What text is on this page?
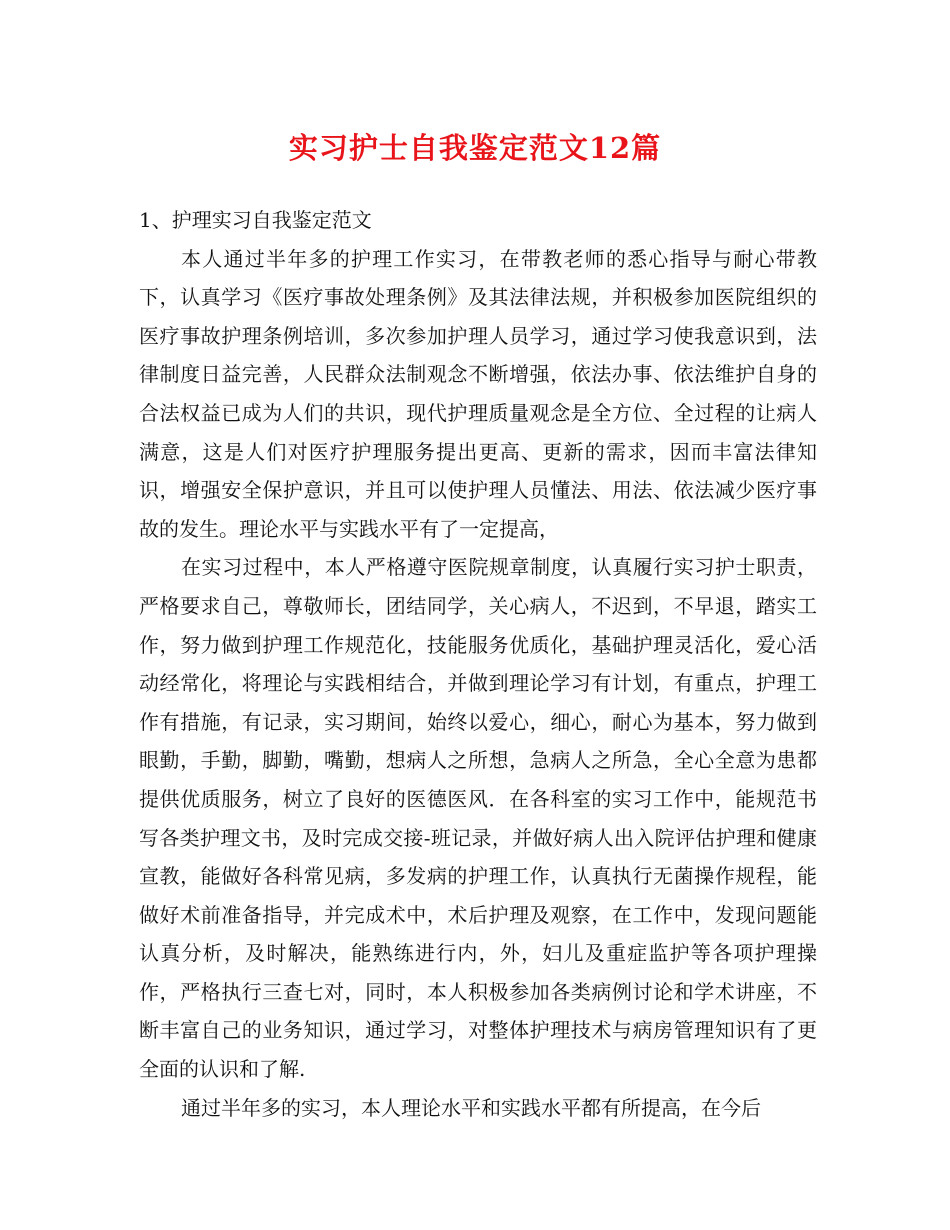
实习护士自我鉴定范文12篇

1、护理实习自我鉴定范文

本人通过半年多的护理工作实习，在带教老师的悉心指导与耐心带教下，认真学习《医疗事故处理条例》及其法律法规，并积极参加医院组织的医疗事故护理条例培训，多次参加护理人员学习，通过学习使我意识到，法律制度日益完善，人民群众法制观念不断增强，依法办事、依法维护自身的合法权益已成为人们的共识，现代护理质量观念是全方位、全过程的让病人满意，这是人们对医疗护理服务提出更高、更新的需求，因而丰富法律知识，增强安全保护意识，并且可以使护理人员懂法、用法、依法减少医疗事故的发生。理论水平与实践水平有了一定提高，

在实习过程中，本人严格遵守医院规章制度，认真履行实习护士职责，严格要求自己，尊敬师长，团结同学，关心病人，不迟到，不早退，踏实工作，努力做到护理工作规范化，技能服务优质化，基础护理灵活化，爱心活动经常化，将理论与实践相结合，并做到理论学习有计划，有重点，护理工作有措施，有记录，实习期间，始终以爱心，细心，耐心为基本，努力做到眼勤，手勤，脚勤，嘴勤，想病人之所想，急病人之所急，全心全意为患都提供优质服务，树立了良好的医德医风．在各科室的实习工作中，能规范书写各类护理文书，及时完成交接-班记录，并做好病人出入院评估护理和健康宣教，能做好各科常见病，多发病的护理工作，认真执行无菌操作规程，能做好术前准备指导，并完成术中，术后护理及观察，在工作中，发现问题能认真分析，及时解决，能熟练进行内，外，妇儿及重症监护等各项护理操作，严格执行三查七对，同时，本人积极参加各类病例讨论和学术讲座，不断丰富自己的业务知识，通过学习，对整体护理技术与病房管理知识有了更全面的认识和了解.

通过半年多的实习，本人理论水平和实践水平都有所提高，在今后
